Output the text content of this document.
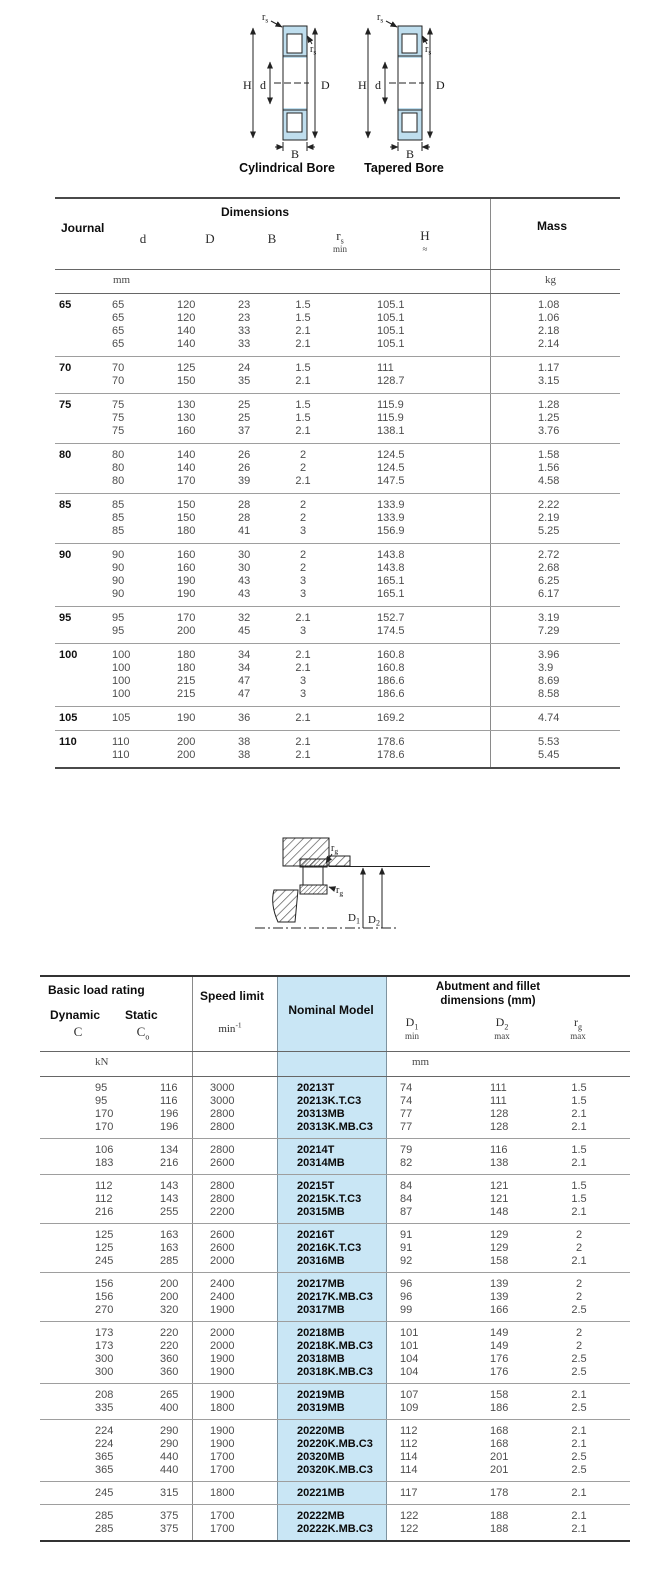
H d	D
B
$r_s$
$r_s$
H d	D
B
$r_s$
$r_s$
Cylindrical Bore Tapered Bore
Journal
Dimensions
d	D	B	$r_s$
min
H
≈
Mass
mm	kg
65	65	120	23	1.5	105.1	1.08
65	120	23	1.5	105.1	1.06
65	140	33	2.1	105.1	2.18
65	140	33	2.1	105.1	2.14
70	70	125	24	1.5	111	1.17
70	150	35	2.1	128.7	3.15
75	75	130	25	1.5	115.9	1.28
75	130	25	1.5	115.9	1.25
75	160	37	2.1	138.1	3.76
80	80	140	26	2	124.5	1.58
80	140	26	2	124.5	1.56
80	170	39	2.1	147.5	4.58
85	85	150	28	2	133.9	2.22
85	150	28	2	133.9	2.19
85	180	41	3	156.9	5.25
90	90	160	30	2	143.8	2.72
90	160	30	2	143.8	2.68
90	190	43	3	165.1	6.25
90	190	43	3	165.1	6.17
95	95	170	32	2.1	152.7	3.19
95	200	45	3	174.5	7.29
100	100	180	34	2.1	160.8	3.96
100	180	34	2.1	160.8	3.9
100	215	47	3	186.6	8.69
100	215	47	3	186.6	8.58
105	105	190	36	2.1	169.2	4.74
110	110	200	38	2.1	178.6	5.53
110	200	38	2.1	178.6	5.45
$r_g$
$r_g$
$D_1$ $D_2$
Basic load rating
Dynamic Static
C	$C_o$
Speed limit
$\min^{-1}$
Nominal Model
Abutment and fillet
dimensions (mm)
$D_1$
min
$D_2$
max
$r_g$
max
kN	mm
95	116	3000	20213T	74	111	1.5
95	116	3000	20213K.T.C3	74	111	1.5
170	196	2800	20313MB	77	128	2.1
170	196	2800	20313K.MB.C3 77	128	2.1
106	134	2800	20214T	79	116	1.5
183	216	2600	20314MB	82	138	2.1
112	143	2800	20215T	84	121	1.5
112	143	2800	20215K.T.C3	84	121	1.5
216	255	2200	20315MB	87	148	2.1
125	163	2600	20216T	91	129	2
125	163	2600	20216K.T.C3	91	129	2
245	285	2000	20316MB	92	158	2.1
156	200	2400	20217MB	96	139	2
156	200	2400	20217K.MB.C3 96	139	2
270	320	1900	20317MB	99	166	2.5
173	220	2000	20218MB	101	149	2
173	220	2000	20218K.MB.C3 101	149	2
300	360	1900	20318MB	104	176	2.5
300	360	1900	20318K.MB.C3 104	176	2.5
208	265	1900	20219MB	107	158	2.1
335	400	1800	20319MB	109	186	2.5
224	290	1900	20220MB	112	168	2.1
224	290	1900	20220K.MB.C3 112	168	2.1
365	440	1700	20320MB	114	201	2.5
365	440	1700	20320K.MB.C3 114	201	2.5
245	315	1800	20221MB	117	178	2.1
285	375	1700	20222MB	122	188	2.1
285	375	1700	20222K.MB.C3 122	188	2.1
